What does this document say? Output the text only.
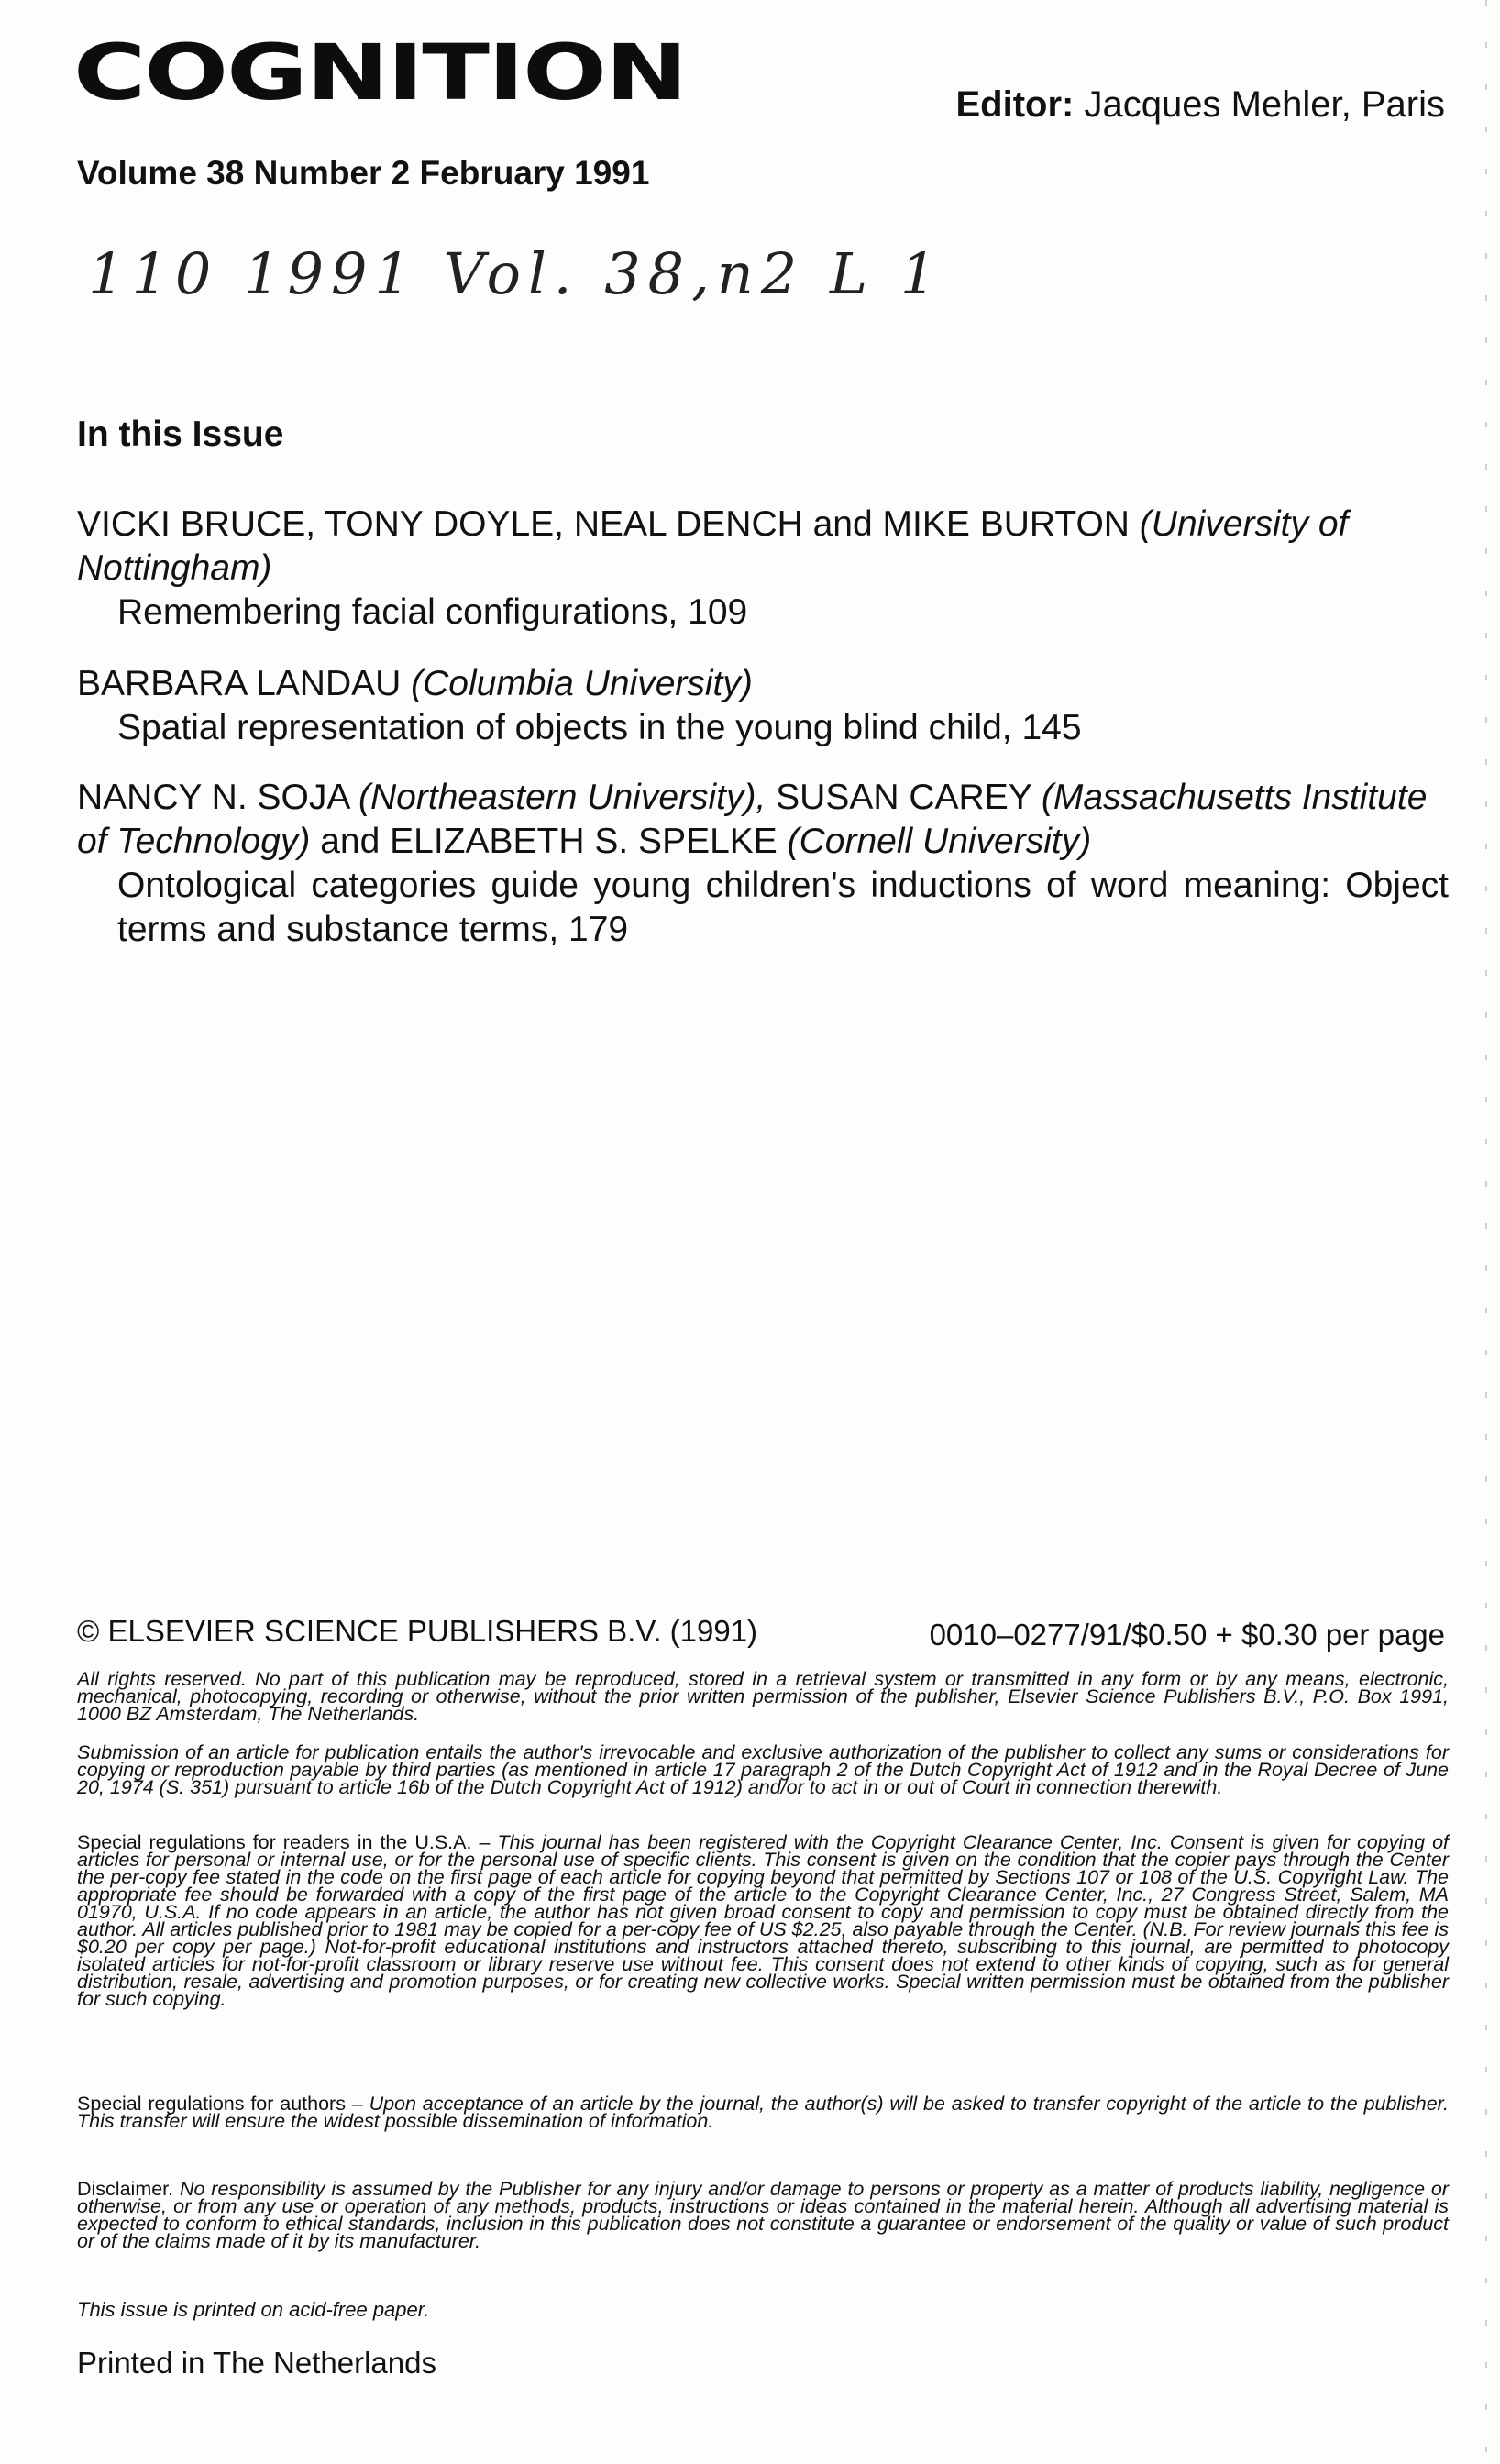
COGNITION	Editor: Jacques Mehler, Paris
Volume 38 Number 2 February 1991
110 1991 Vol. 38,n2 L 1
In this Issue
VICKI BRUCE, TONY DOYLE, NEAL DENCH and MIKE BURTON (University of Nottingham)
Remembering facial configurations, 109
BARBARA LANDAU (Columbia University)
Spatial representation of objects in the young blind child, 145
NANCY N. SOJA (Northeastern University), SUSAN CAREY (Massachusetts Institute of Technology) and ELIZABETH S. SPELKE (Cornell University)
Ontological categories guide young children's inductions of word meaning: Object terms and substance terms, 179
© ELSEVIER SCIENCE PUBLISHERS B.V. (1991)	0010–0277/91/$0.50 + $0.30 per page
All rights reserved. No part of this publication may be reproduced, stored in a retrieval system or transmitted in any form or by any means, electronic, mechanical, photocopying, recording or otherwise, without the prior written permission of the publisher, Elsevier Science Publishers B.V., P.O. Box 1991, 1000 BZ Amsterdam, The Netherlands.
Submission of an article for publication entails the author's irrevocable and exclusive authorization of the publisher to collect any sums or considerations for copying or reproduction payable by third parties (as mentioned in article 17 paragraph 2 of the Dutch Copyright Act of 1912 and in the Royal Decree of June 20, 1974 (S. 351) pursuant to article 16b of the Dutch Copyright Act of 1912) and/or to act in or out of Court in connection therewith.
Special regulations for readers in the U.S.A. – This journal has been registered with the Copyright Clearance Center, Inc. Consent is given for copying of articles for personal or internal use, or for the personal use of specific clients. This consent is given on the condition that the copier pays through the Center the per-copy fee stated in the code on the first page of each article for copying beyond that permitted by Sections 107 or 108 of the U.S. Copyright Law. The appropriate fee should be forwarded with a copy of the first page of the article to the Copyright Clearance Center, Inc., 27 Congress Street, Salem, MA 01970, U.S.A. If no code appears in an article, the author has not given broad consent to copy and permission to copy must be obtained directly from the author. All articles published prior to 1981 may be copied for a per-copy fee of US $2.25, also payable through the Center. (N.B. For review journals this fee is $0.20 per copy per page.) Not-for-profit educational institutions and instructors attached thereto, subscribing to this journal, are permitted to photocopy isolated articles for not-for-profit classroom or library reserve use without fee. This consent does not extend to other kinds of copying, such as for general distribution, resale, advertising and promotion purposes, or for creating new collective works. Special written permission must be obtained from the publisher for such copying.
Special regulations for authors – Upon acceptance of an article by the journal, the author(s) will be asked to transfer copyright of the article to the publisher. This transfer will ensure the widest possible dissemination of information.
Disclaimer. No responsibility is assumed by the Publisher for any injury and/or damage to persons or property as a matter of products liability, negligence or otherwise, or from any use or operation of any methods, products, instructions or ideas contained in the material herein. Although all advertising material is expected to conform to ethical standards, inclusion in this publication does not constitute a guarantee or endorsement of the quality or value of such product or of the claims made of it by its manufacturer.
This issue is printed on acid-free paper.
Printed in The Netherlands
